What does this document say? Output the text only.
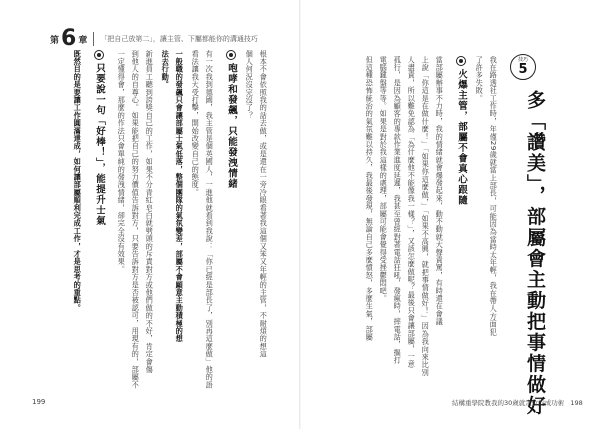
第 6 章 「把自己放第二」，讓主管、下屬都能你的溝通技巧
根本不會依照我的話去做，或是還在一旁冷眼看著我這個又笨又年輕的主管，不耐煩的想這
個人何況沒完沒了？
咆哮和發飆，只能發洩情緒
有一次我到德國，我主管是個英國人，一進他就看到我說：「你已經是部長了，別再這麼做」他的語
看法讓我大受打擊，開始改變自己的態度。
一般職的發飆只會讓部屬士氣低落，整個團隊的氣氛變差，部屬不會願意主動積極的想
法去行動。
新進員工聽到誇獎自己的工作，如果不分青紅皂白就劈頭的斥責對方或他們做的不好，肯定會傷
到他人的自尊心。如果能把自己的努力價值告訴對方，只要告訴對方是否被認可，用現有的，部屬不
一定懂得會，那麼的作法只會單純的發洩情緒，卻完全沒有效果。
只要說一句「好棒！」，能提升士氣
既然目的是要讓工作圓滿達成，如何讓部屬順利完成工作，才是思考的重點。
199
技巧
5
多「讚美」，部屬會主動把事情做好
我在路透社工作時，年僅29歲就當上部長，可能因為當時太年輕，我在帶人方面犯
了許多失敗。
火爆主管，部屬不會真心跟隨
當部屬辦事不力時，我的情緒就會爆發起來，動不動就大聲責罵，有時還在會議
上說「你這是在做什麼！」「如果你這麼做，」「如果不高興，就把事情做好！」因為我向來比別
人盡責，所以難免認為「為什麼他不能像我一樣？」，又該怎麼做呢？最後只會讓部屬，一意
孤行，是因為顧客的專款作業進度延遲，我甚至曾經對著電話狂吼，發瘋時，摔電話，摳打
電腦鍵盤等等。如果是對於我這樣的處理，部屬可能會覺得受挫鬱悶吧。
但這種恐怖統治的氣氛難以持久，我最後發現，無論自己多麼憤怒，多麼生氣，部屬
結構重學院教我的30歲就定位的成功術 198
